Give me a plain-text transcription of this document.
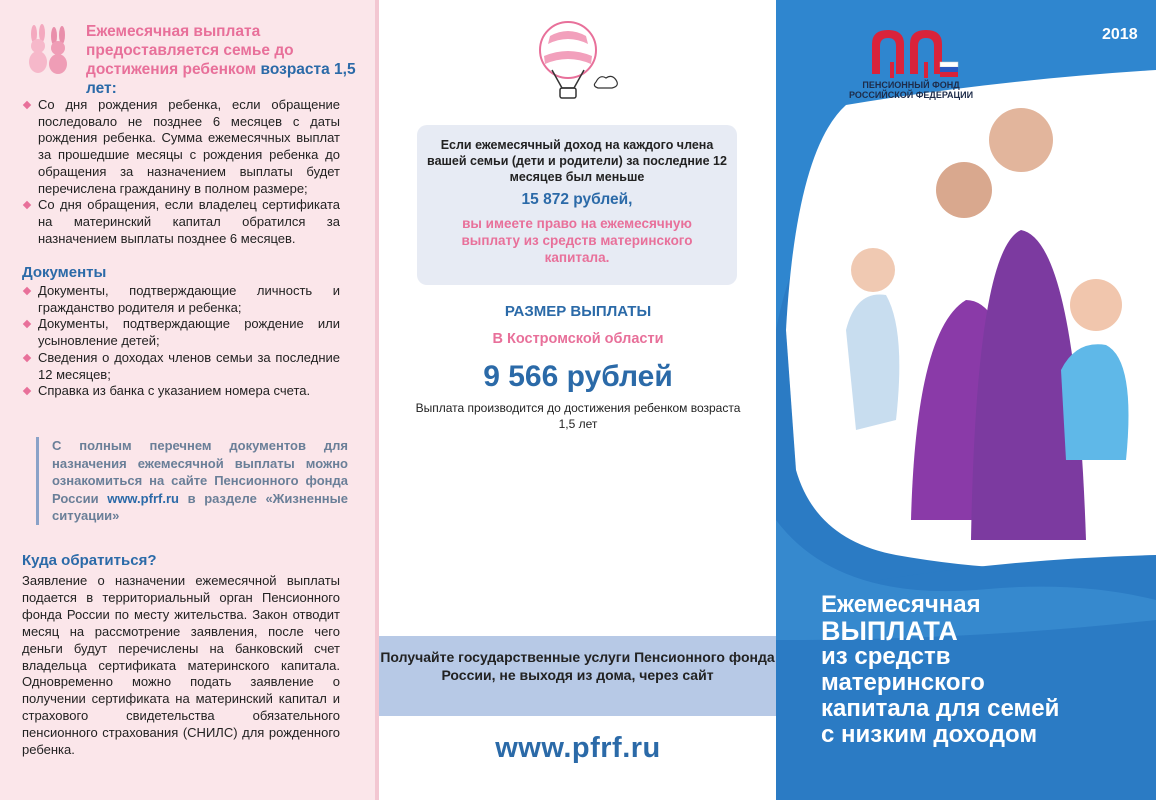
Ежемесячная выплата предоставляется семье до достижения ребенком возраста 1,5 лет:
Со дня рождения ребенка, если обращение последовало не позднее 6 месяцев с даты рождения ребенка. Сумма ежемесячных выплат за прошедшие месяцы с рождения ребенка до обращения за назначением выплаты будет перечислена гражданину в полном размере;
Со дня обращения, если владелец сертификата на материнский капитал обратился за назначением выплаты позднее 6 месяцев.
Документы
Документы, подтверждающие личность и гражданство родителя и ребенка;
Документы, подтверждающие рождение или усыновление детей;
Сведения о доходах членов семьи за последние 12 месяцев;
Справка из банка с указанием номера счета.
С полным перечнем документов для назначения ежемесячной выплаты можно ознакомиться на сайте Пенсионного фонда России www.pfrf.ru в разделе «Жизненные ситуации»
Куда обратиться?
Заявление о назначении ежемесячной выплаты подается в территориальный орган Пенсионного фонда России по месту жительства. Закон отводит месяц на рассмотрение заявления, после чего деньги будут перечислены на банковский счет владельца сертификата материнского капитала. Одновременно можно подать заявление о получении сертификата на материнский капитал и страхового свидетельства обязательного пенсионного страхования (СНИЛС) для рожденного ребенка.
Если ежемесячный доход на каждого члена вашей семьи (дети и родители) за последние 12 месяцев был меньше
15 872 рублей,
вы имеете право на ежемесячную выплату из средств материнского капитала.
РАЗМЕР ВЫПЛАТЫ
В Костромской области
9 566 рублей
Выплата производится до достижения ребенком возраста 1,5 лет
Получайте государственные услуги Пенсионного фонда России, не выходя из дома, через сайт
www.pfrf.ru
2018
ПЕНСИОННЫЙ ФОНД
РОССИЙСКОЙ ФЕДЕРАЦИИ
Ежемесячная
ВЫПЛАТА
из средств
материнского
капитала для семей
с низким доходом
